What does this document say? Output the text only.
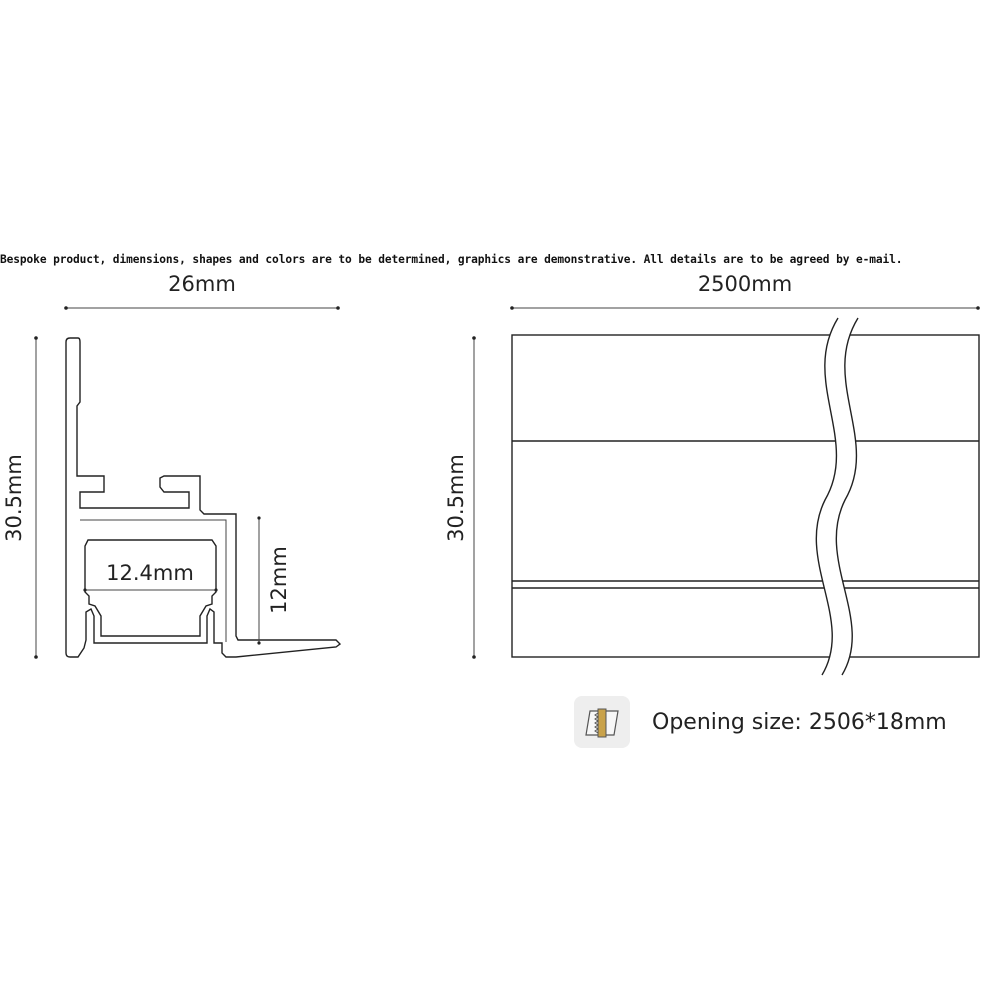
Bespoke product, dimensions, shapes and colors are to be determined, graphics are demonstrative. All details are to be agreed by e-mail.
26mm
30.5mm
12.4mm	12mm
2500mm
30.5mm
Opening size: 2506*18mm
